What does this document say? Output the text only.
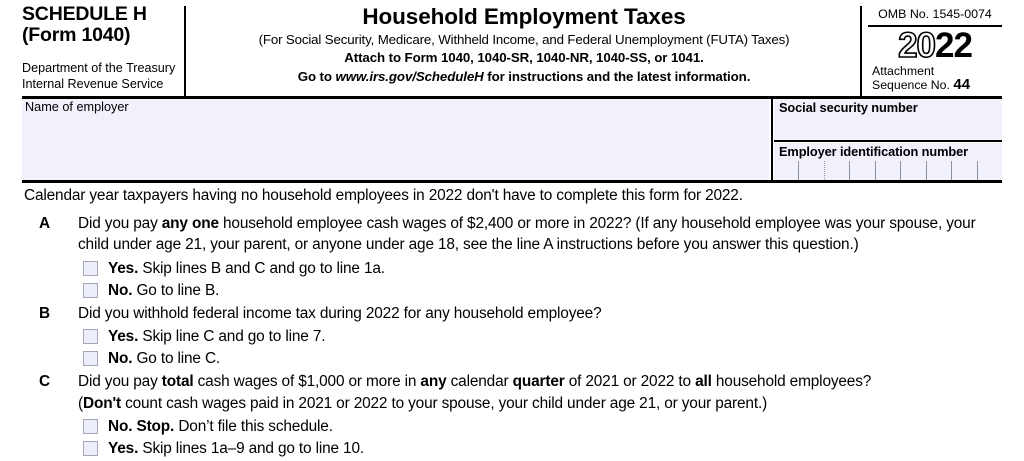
SCHEDULE H
(Form 1040)
Department of the Treasury
Internal Revenue Service
Household Employment Taxes
(For Social Security, Medicare, Withheld Income, and Federal Unemployment (FUTA) Taxes)
Attach to Form 1040, 1040-SR, 1040-NR, 1040-SS, or 1041.
Go to www.irs.gov/ScheduleH for instructions and the latest information.
OMB No. 1545-0074
2022
Attachment
Sequence No. 44
Name of employer	Social security number
Employer identification number
Calendar year taxpayers having no household employees in 2022 don't have to complete this form for 2022.
A Did you pay any one household employee cash wages of $2,400 or more in 2022? (If any household employee was your spouse, your child under age 21, your parent, or anyone under age 18, see the line A instructions before you answer this question.)
Yes. Skip lines B and C and go to line 1a.
No. Go to line B.
B Did you withhold federal income tax during 2022 for any household employee?
Yes. Skip line C and go to line 7.
No. Go to line C.
C Did you pay total cash wages of $1,000 or more in any calendar quarter of 2021 or 2022 to all household employees?
(Don't count cash wages paid in 2021 or 2022 to your spouse, your child under age 21, or your parent.)
No. Stop. Don’t file this schedule.
Yes. Skip lines 1a–9 and go to line 10.
